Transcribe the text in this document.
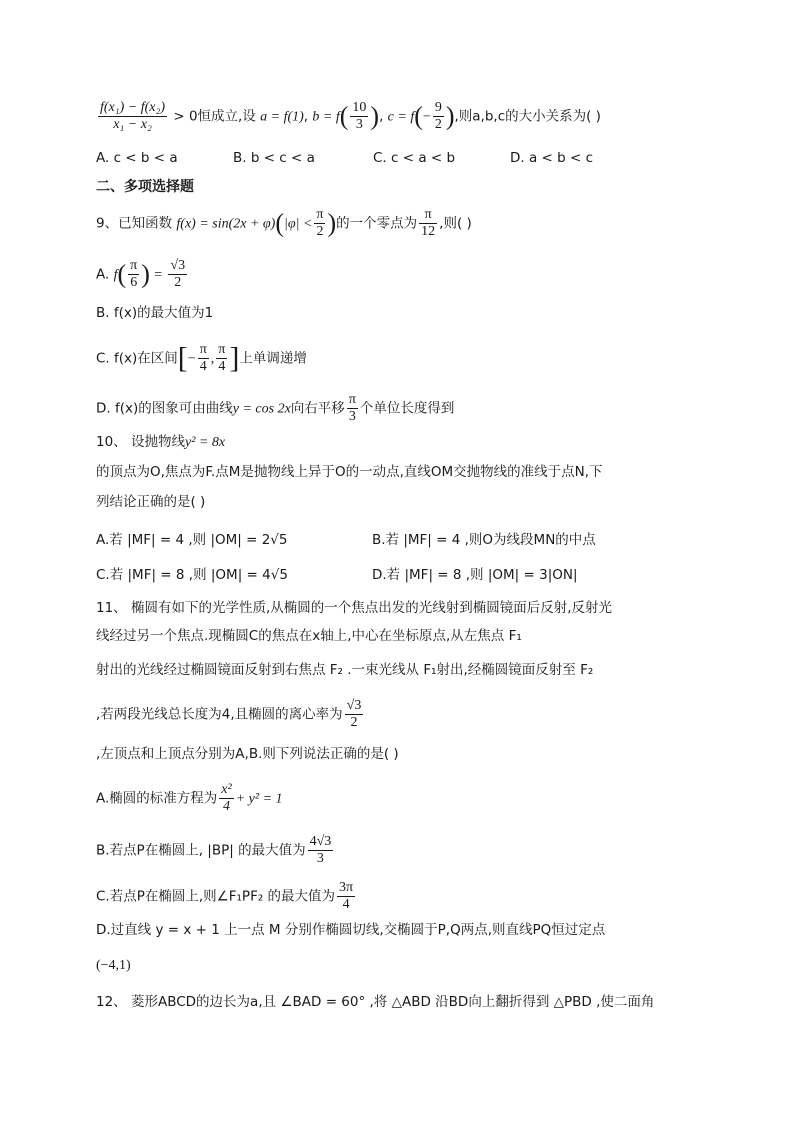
$\frac{\text{f(x₁) − f(x₂)}}{\text{x₁ − x₂}} > 0$恒成立,设 a = f(1), $b = f( \frac{10}{3}$ ), $c = f(- \frac{9}{2}$ ),则a,b,c的大小关系为( )
A. c < b < a	B. b < c < a	C. c < a < b	D. a < b < c
二、多项选择题
9、已知函数 $f(x) = \sin(2x + \varphi)(|\varphi| < \frac{\pi}{2}$ )的一个零点为 $\frac{\pi}{12}$ ,则( )
A. $f( \frac{\pi}{6}$ ) = $\frac{√3}{2}$
B. f(x)的最大值为1
C. f(x)在区间[− $\frac{\pi}{4}$ , $\frac{\pi}{4}$ ]上单调递增
D. f(x)的图象可由曲线y = cos 2x向右平移 $\frac{\pi}{3}$ 个单位长度得到
10、 设抛物线y² = 8x
的顶点为O,焦点为F.点M是抛物线上异于O的一动点,直线OM交抛物线的准线于点N,下
列结论正确的是( )
A.若 |MF| = 4 ,则 |OM| = 2√5	B.若 |MF| = 4 ,则O为线段MN的中点
C.若 |MF| = 8 ,则 |OM| = 4√5	D.若 |MF| = 8 ,则 |OM| = 3|ON|
11、 椭圆有如下的光学性质,从椭圆的一个焦点出发的光线射到椭圆镜面后反射,反射光
线经过另一个焦点.现椭圆C的焦点在x轴上,中心在坐标原点,从左焦点 F₁
射出的光线经过椭圆镜面反射到右焦点 F₂ .一束光线从 F₁射出,经椭圆镜面反射至 F₂
,若两段光线总长度为4,且椭圆的离心率为 $\frac{√3}{2}$
,左顶点和上顶点分别为A,B.则下列说法正确的是( )
A.椭圆的标准方程为 $\frac{\text{x²}}{4} + y^2 = 1$
B.若点P在椭圆上, |BP| 的最大值为 $\frac{4√3}{3}$
C.若点P在椭圆上,则∠F₁PF₂ 的最大值为 $\frac{3\pi}{4}$
D.过直线 y = x + 1 上一点 M 分别作椭圆切线,交椭圆于P,Q两点,则直线PQ恒过定点
(−4,1)
12、 菱形ABCD的边长为a,且 ∠BAD = 60° ,将 △ABD 沿BD向上翻折得到 △PBD ,使二面角
